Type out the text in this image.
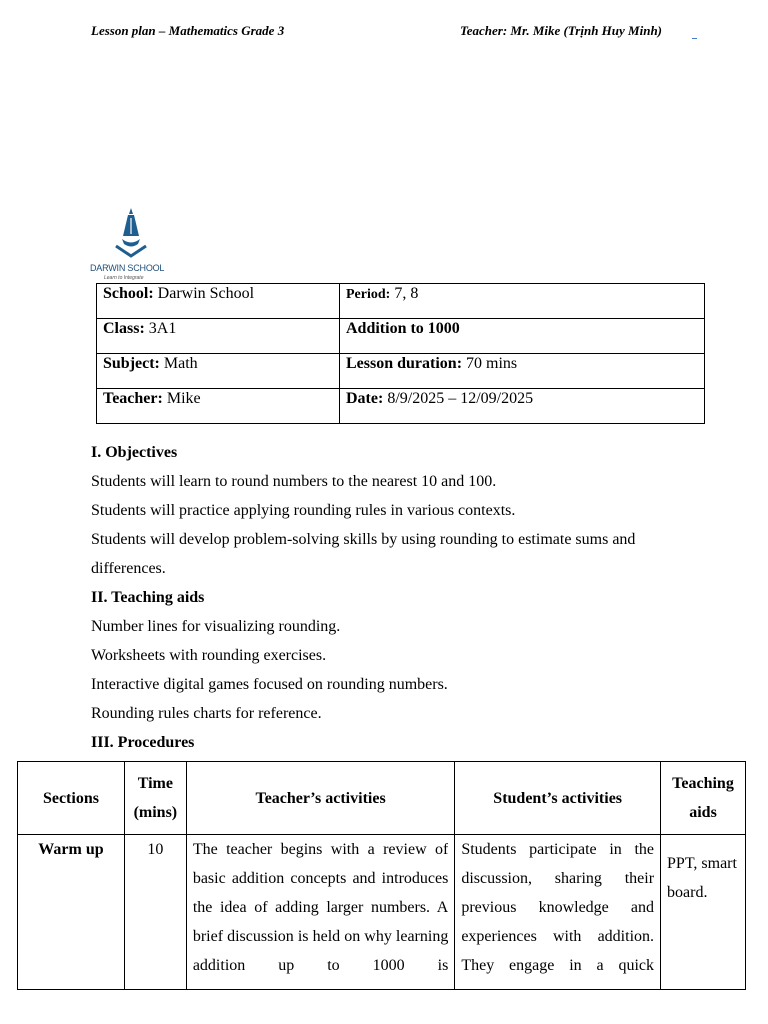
Lesson plan – Mathematics Grade 3	Teacher: Mr. Mike (Trịnh Huy Minh)
DARWIN SCHOOL
Learn to Integrate
School: Darwin School	Period: 7, 8
Class: 3A1	Addition to 1000
Subject: Math	Lesson duration: 70 mins
Teacher: Mike	Date: 8/9/2025 – 12/09/2025

I. Objectives

Students will learn to round numbers to the nearest 10 and 100.

Students will practice applying rounding rules in various contexts.

Students will develop problem-solving skills by using rounding to estimate sums and differences.

II. Teaching aids

Number lines for visualizing rounding.

Worksheets with rounding exercises.

Interactive digital games focused on rounding numbers.

Rounding rules charts for reference.

III. Procedures

Sections	Time (mins)	Teacher’s activities	Student’s activities	Teaching aids
Warm up	10	The teacher begins with a review of basic addition concepts and introduces the idea of adding larger numbers. A brief discussion is held on why learning addition up to 1000 is	Students participate in the discussion, sharing their previous knowledge and experiences with addition. They engage in a quick	PPT, smart board.
